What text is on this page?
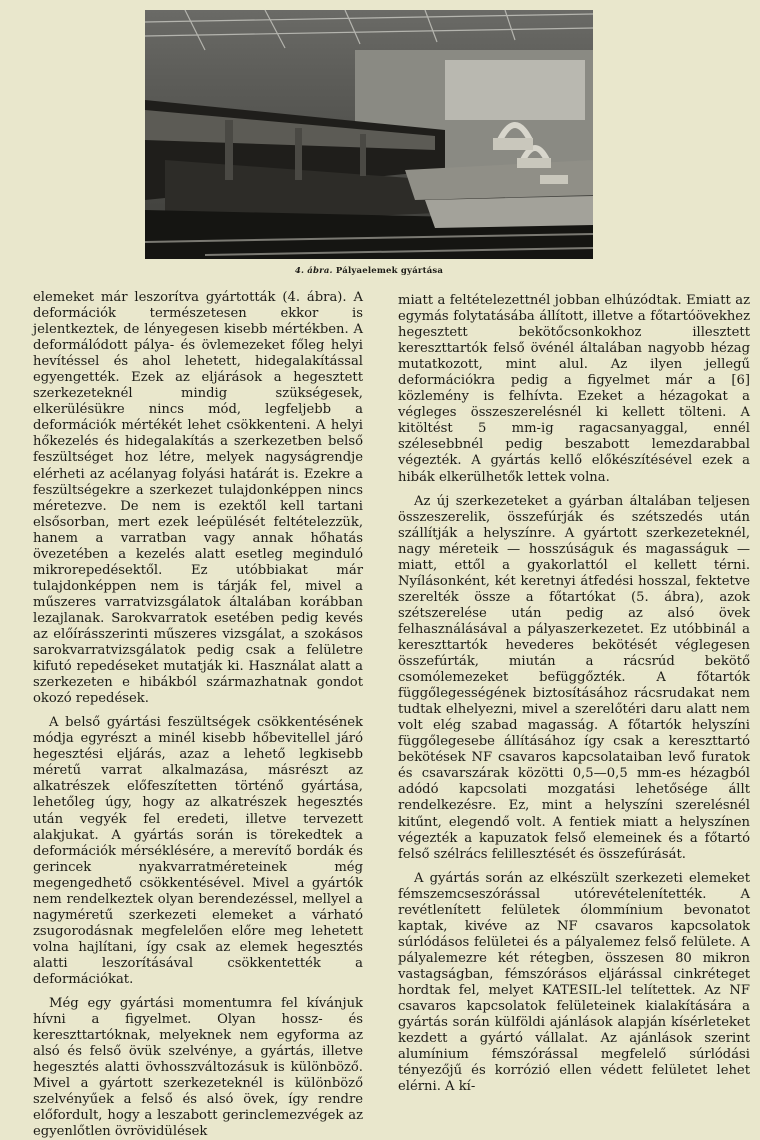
4. ábra. Pályaelemek gyártása

elemeket már leszorítva gyártották (4. ábra). A deformációk természetesen ekkor is jelentkeztek, de lényegesen kisebb mértékben. A deformálódott pálya- és övlemezeket főleg helyi hevítéssel és ahol lehetett, hidegalakítással egyengették. Ezek az eljárások a hegesztett szerkezeteknél mindig szükségesek, elkerülésükre nincs mód, legfeljebb a deformációk mértékét lehet csökkenteni. A helyi hőkezelés és hidegalakítás a szerkezetben belső feszültséget hoz létre, melyek nagyságrendje elérheti az acélanyag folyási határát is. Ezekre a feszültségekre a szerkezet tulajdonképpen nincs méretezve. De nem is ezektől kell tartani elsősorban, mert ezek leépülését feltételezzük, hanem a varratban vagy annak hőhatás övezetében a kezelés alatt esetleg meginduló mikrorepedésektől. Ez utóbbiakat már tulajdonképpen nem is tárják fel, mivel a műszeres varratvizsgálatok általában korábban lezajlanak. Sarokvarratok esetében pedig kevés az előírásszerinti műszeres vizsgálat, a szokásos sarokvarratvizsgálatok pedig csak a felületre kifutó repedéseket mutatják ki. Használat alatt a szerkezeten e hibákból származhatnak gondot okozó repedések.

A belső gyártási feszültségek csökkentésének módja egyrészt a minél kisebb hőbevitellel járó hegesztési eljárás, azaz a lehető legkisebb méretű varrat alkalmazása, másrészt az alkatrészek előfeszítetten történő gyártása, lehetőleg úgy, hogy az alkatrészek hegesztés után vegyék fel eredeti, illetve tervezett alakjukat. A gyártás során is törekedtek a deformációk mérséklésére, a merevítő bordák és gerincek nyakvarratméreteinek még megengedhető csökkentésével. Mivel a gyártók nem rendelkeztek olyan berendezéssel, mellyel a nagyméretű szerkezeti elemeket a várható zsugorodásnak megfelelően előre meg lehetett volna hajlítani, így csak az elemek hegesztés alatti leszorításával csökkentették a deformációkat.

Még egy gyártási momentumra fel kívánjuk hívni a figyelmet. Olyan hossz- és kereszttartóknak, melyeknek nem egyforma az alsó és felső övük szelvénye, a gyártás, illetve hegesztés alatti övhosszváltozásuk is különböző. Mivel a gyártott szerkezeteknél is különböző szelvényűek a felső és alsó övek, így rendre előfordult, hogy a leszabott gerinclemezvégek az egyenlőtlen övrövidülések

miatt a feltételezettnél jobban elhúzódtak. Emiatt az egymás folytatásába állított, illetve a főtartóövekhez hegesztett bekötőcsonkokhoz illesztett kereszttartók felső övénél általában nagyobb hézag mutatkozott, mint alul. Az ilyen jellegű deformációkra pedig a figyelmet már a [6] közlemény is felhívta. Ezeket a hézagokat a végleges összeszerelésnél ki kellett tölteni. A kitöltést 5 mm-ig ragacsanyaggal, ennél szélesebbnél pedig beszabott lemezdarabbal végezték. A gyártás kellő előkészítésével ezek a hibák elkerülhetők lettek volna.

Az új szerkezeteket a gyárban általában teljesen összeszerelik, összefúrják és szétszedés után szállítják a helyszínre. A gyártott szerkezeteknél, nagy méreteik — hosszúságuk és magasságuk — miatt, ettől a gyakorlattól el kellett térni. Nyílásonként, két keretnyi átfedési hosszal, fektetve szerelték össze a főtartókat (5. ábra), azok szétszerelése után pedig az alsó övek felhasználásával a pályaszerkezetet. Ez utóbbinál a kereszttartók hevederes bekötését véglegesen összefúrták, miután a rácsrúd bekötő csomólemezeket befüggőzték. A főtartók függőlegességének biztosításához rácsrudakat nem tudtak elhelyezni, mivel a szerelőtéri daru alatt nem volt elég szabad magasság. A főtartók helyszíni függőlegesebe állításához így csak a kereszttartó bekötések NF csavaros kapcsolataiban levő furatok és csavarszárak közötti 0,5—0,5 mm-es hézagból adódó kapcsolati mozgatási lehetősége állt rendelkezésre. Ez, mint a helyszíni szerelésnél kitűnt, elegendő volt. A fentiek miatt a helyszínen végezték a kapuzatok felső elemeinek és a főtartó felső szélrács felillesztését és összefúrását.

A gyártás során az elkészült szerkezeti elemeket fémszemcseszórással utórevételenítették. A revétlenített felületek ólommínium bevonatot kaptak, kivéve az NF csavaros kapcsolatok súrlódásos felületei és a pályalemez felső felülete. A pályalemezre két rétegben, összesen 80 mikron vastagságban, fémszórásos eljárással cinkréteget hordtak fel, melyet KATESIL-lel telítettek. Az NF csavaros kapcsolatok felületeinek kialakítására a gyártás során külföldi ajánlások alapján kísérleteket kezdett a gyártó vállalat. Az ajánlások szerint alumínium fémszórással megfelelő súrlódási tényezőjű és korrózió ellen védett felületet lehet elérni. A kí-
